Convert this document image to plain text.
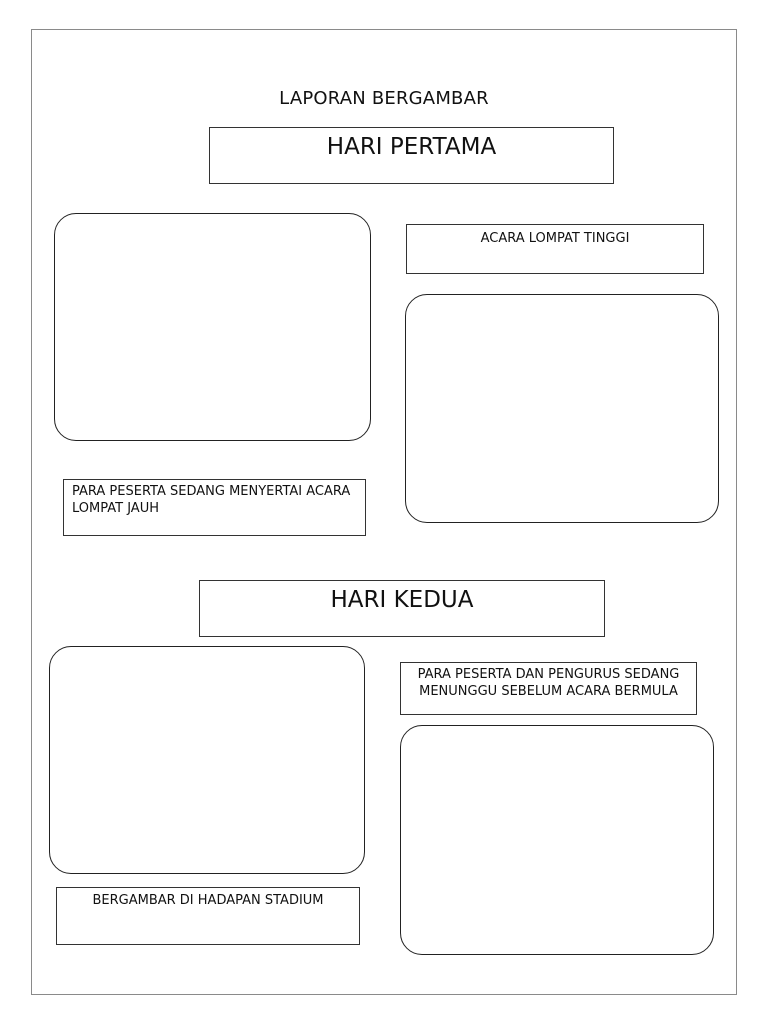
LAPORAN BERGAMBAR
HARI PERTAMA
ACARA LOMPAT TINGGI
PARA PESERTA SEDANG MENYERTAI ACARA LOMPAT JAUH
HARI KEDUA
PARA PESERTA DAN PENGURUS SEDANG MENUNGGU SEBELUM ACARA BERMULA
BERGAMBAR DI HADAPAN STADIUM
